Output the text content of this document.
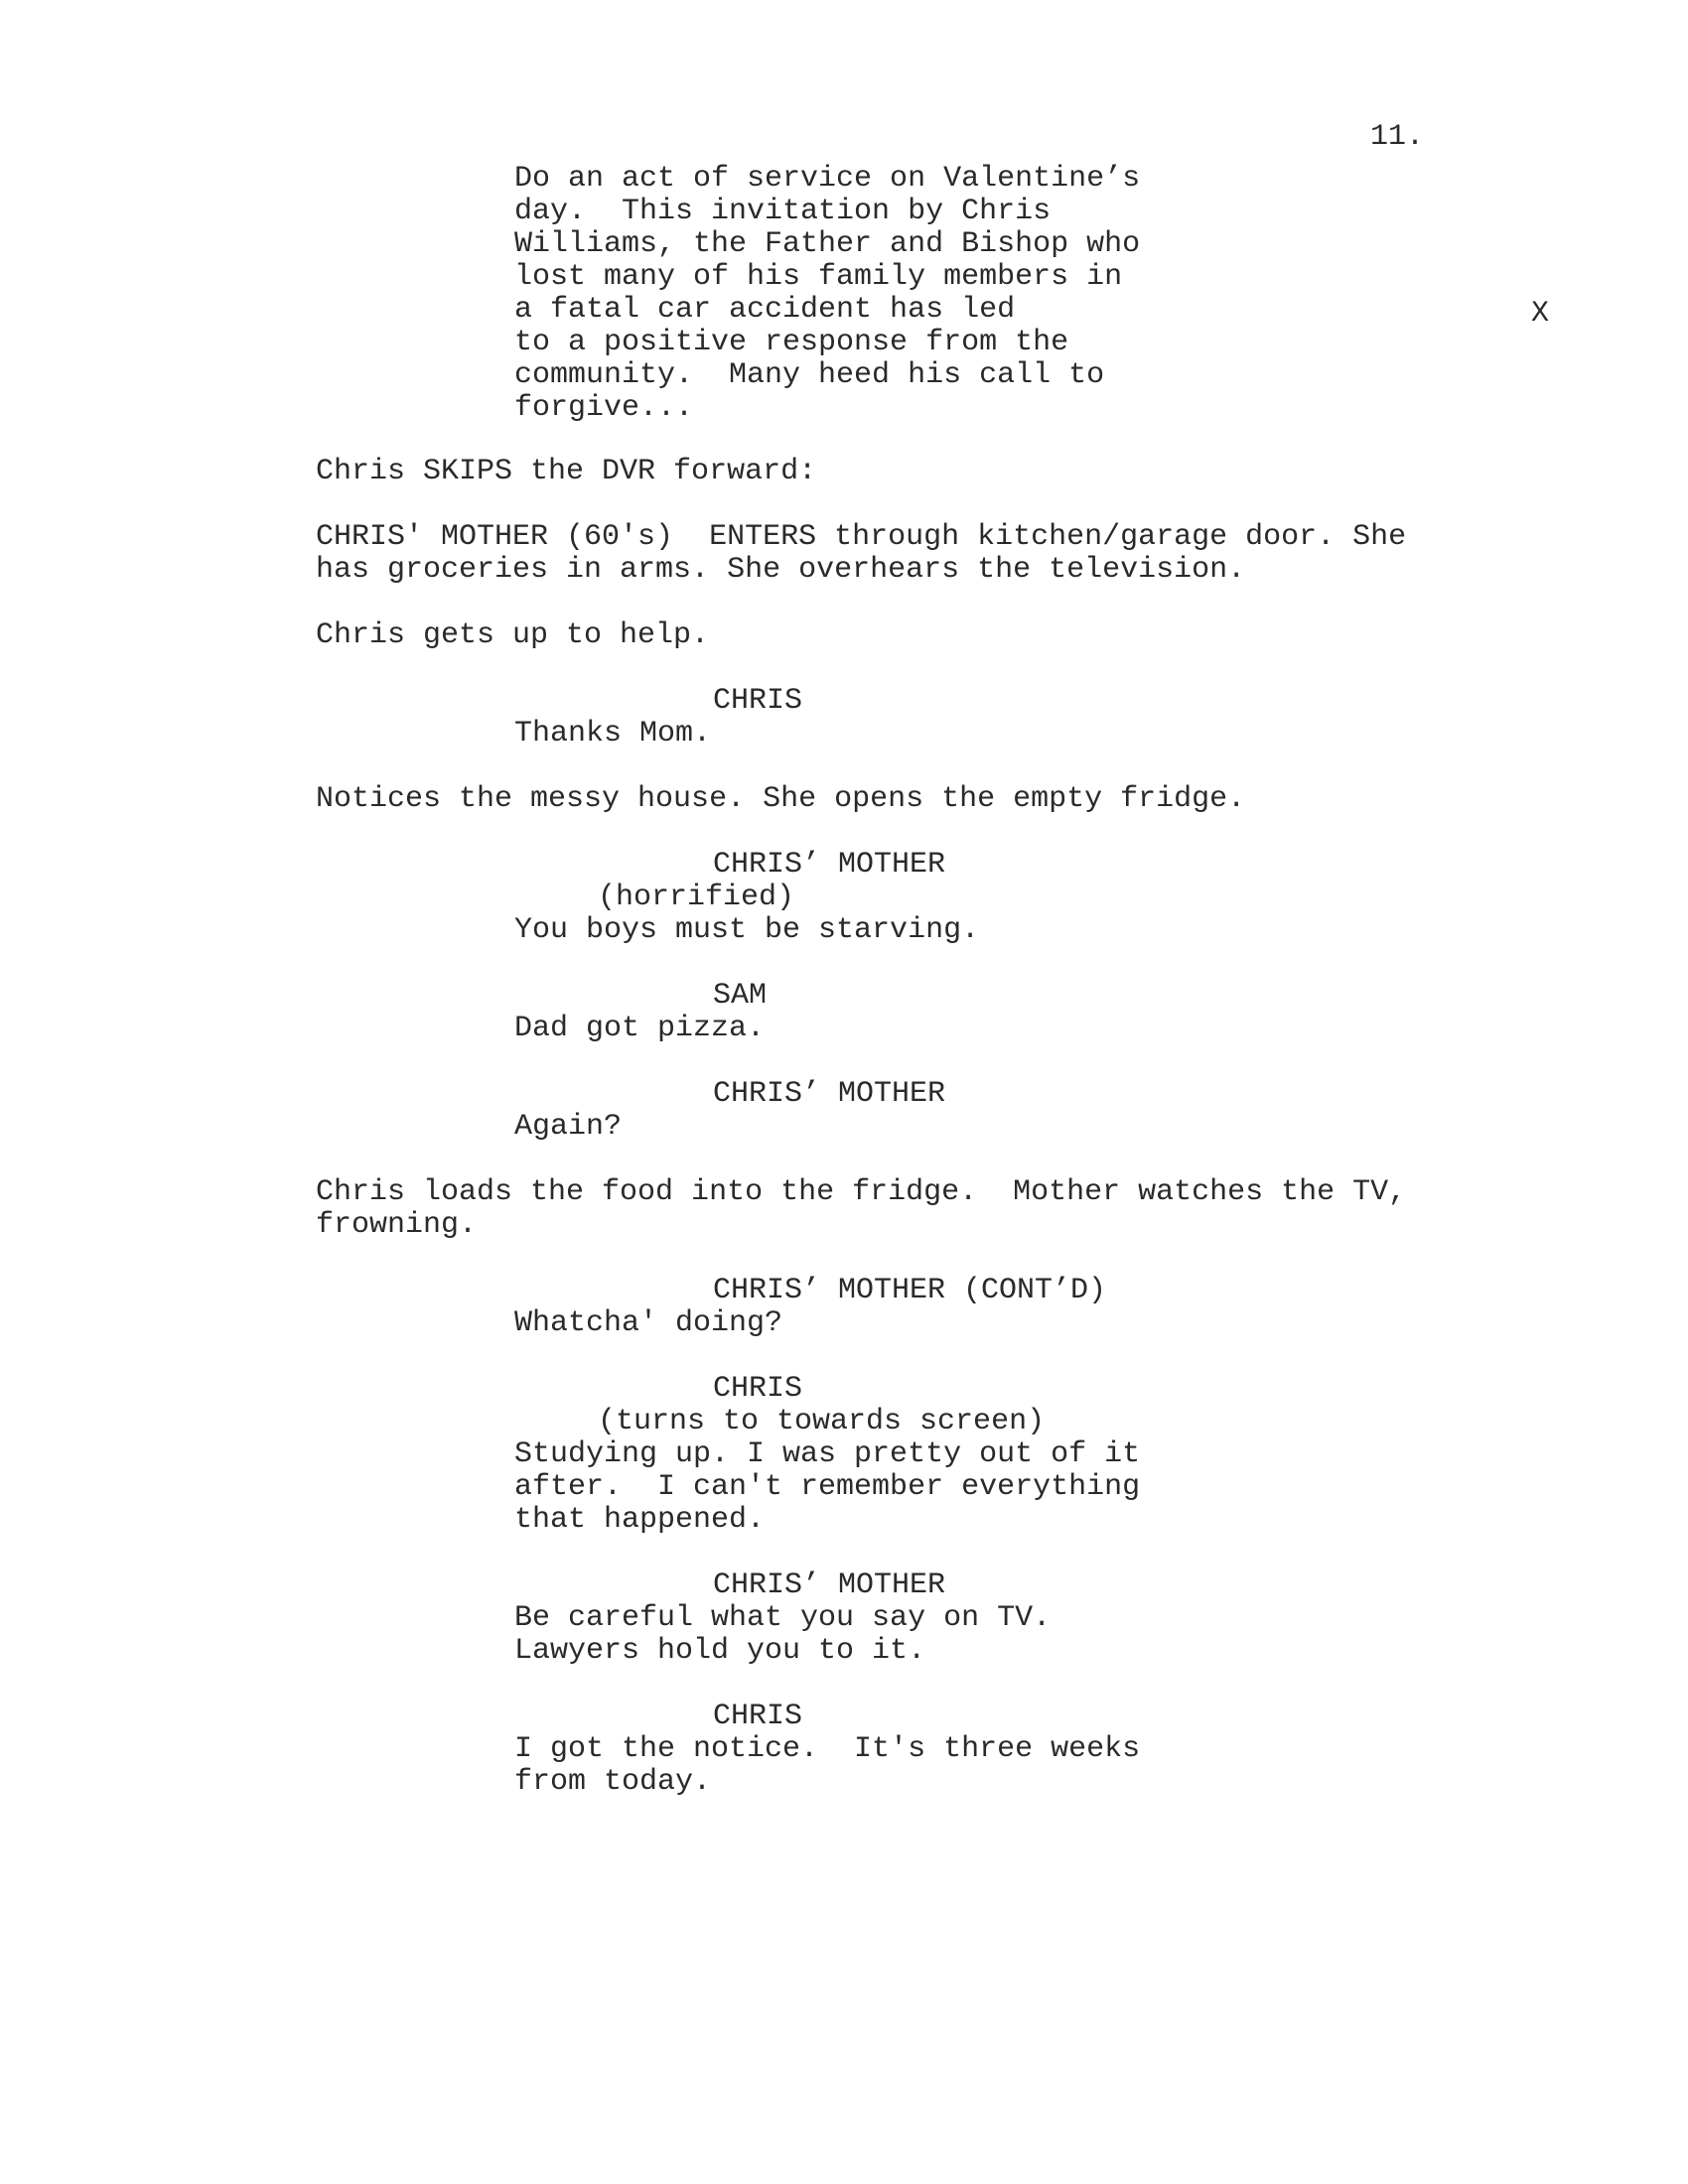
11.
X
Do an act of service on Valentine’s
day.  This invitation by Chris
Williams, the Father and Bishop who
lost many of his family members in
a fatal car accident has led
to a positive response from the
community.  Many heed his call to
forgive...
Chris SKIPS the DVR forward:
CHRIS' MOTHER (60's)  ENTERS through kitchen/garage door. She
has groceries in arms. She overhears the television.
Chris gets up to help.
CHRIS
Thanks Mom.
Notices the messy house. She opens the empty fridge.
CHRIS’ MOTHER
(horrified)
You boys must be starving.
SAM
Dad got pizza.
CHRIS’ MOTHER
Again?
Chris loads the food into the fridge.  Mother watches the TV,
frowning.
CHRIS’ MOTHER (CONT’D)
Whatcha' doing?
CHRIS
(turns to towards screen)
Studying up. I was pretty out of it
after.  I can't remember everything
that happened.
CHRIS’ MOTHER
Be careful what you say on TV.
Lawyers hold you to it.
CHRIS
I got the notice.  It's three weeks
from today.
